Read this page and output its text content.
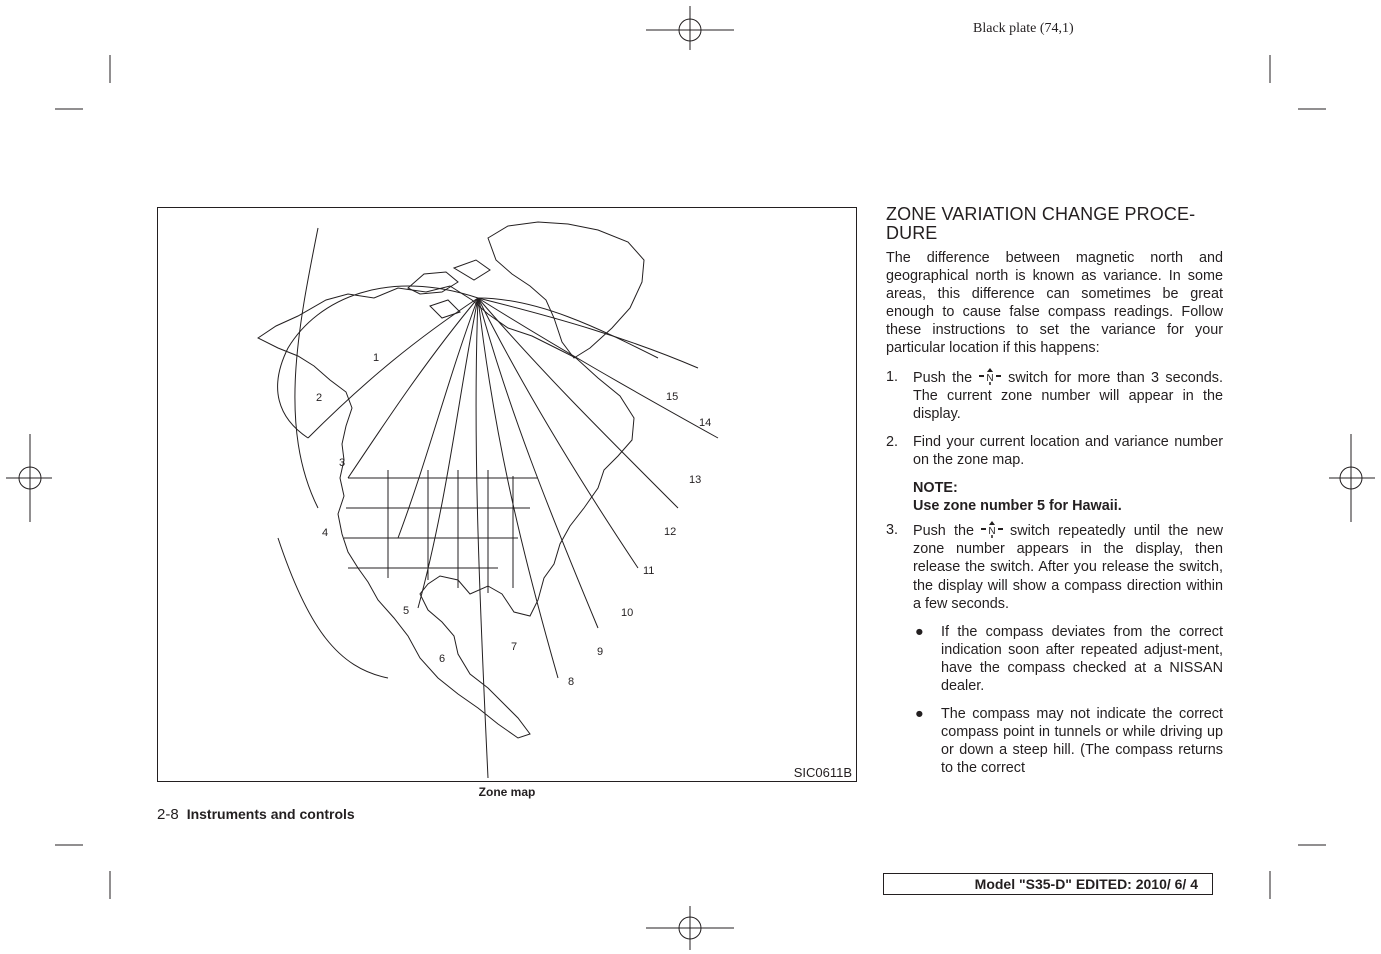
Black plate (74,1)
1
2
3
4
5
6
7
8
9
10
11
12
13
14
15
SIC0611B
Zone map
2-8 Instruments and controls
ZONE VARIATION CHANGE PROCE-
DURE
The difference between magnetic north and geographical north is known as variance. In some areas, this difference can sometimes be great enough to cause false compass readings. Follow these instructions to set the variance for your particular location if this happens:
1. Push the N switch for more than 3 seconds. The current zone number will appear in the display.
2. Find your current location and variance number on the zone map.
NOTE:
Use zone number 5 for Hawaii.
3. Push the N switch repeatedly until the new zone number appears in the display, then release the switch. After you release the switch, the display will show a compass direction within a few seconds.
● If the compass deviates from the correct indication soon after repeated adjust-ment, have the compass checked at a NISSAN dealer.
● The compass may not indicate the correct compass point in tunnels or while driving up or down a steep hill. (The compass returns to the correct
Model "S35-D" EDITED: 2010/ 6/ 4
